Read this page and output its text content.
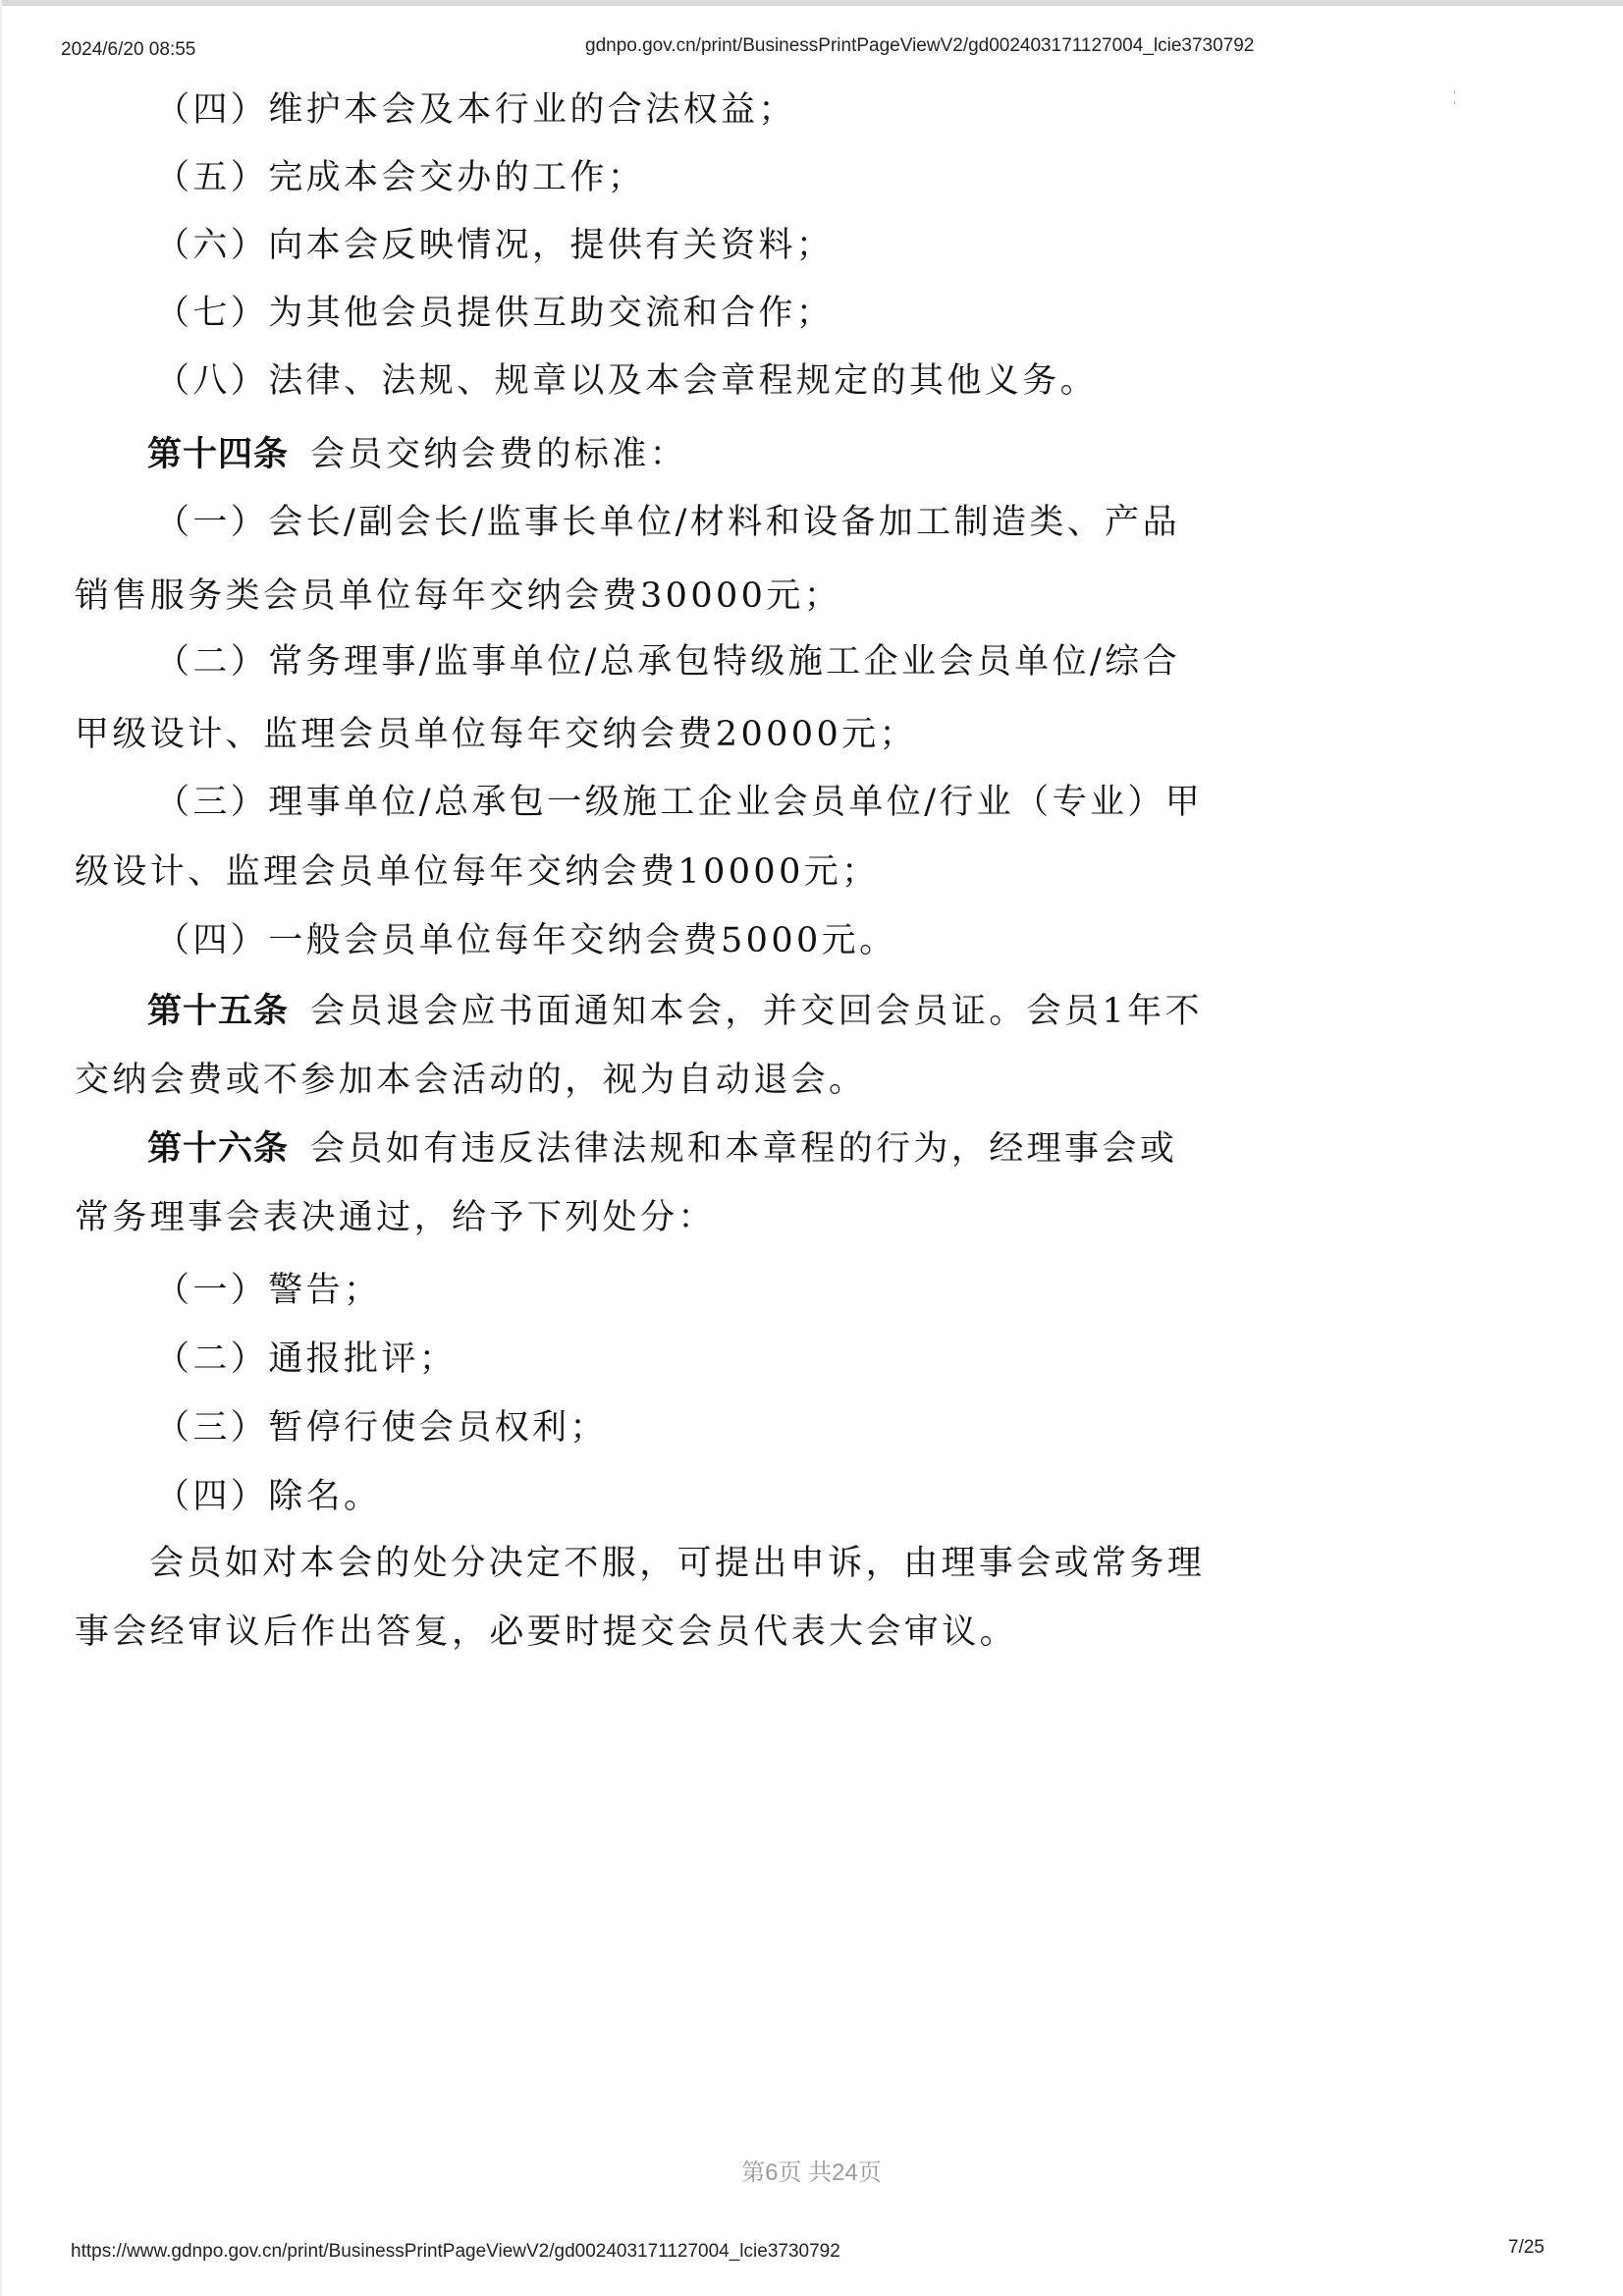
2024/6/20 08:55	gdnpo.gov.cn/print/BusinessPrintPageViewV2/gd002403171127004_lcie3730792
' '
（四）维护本会及本行业的合法权益；
（五）完成本会交办的工作；
（六）向本会反映情况，提供有关资料；
（七）为其他会员提供互助交流和合作；
（八）法律、法规、规章以及本会章程规定的其他义务。
第十四条 会员交纳会费的标准：
（一）会长/副会长/监事长单位/材料和设备加工制造类、产品
销售服务类会员单位每年交纳会费30000元；
（二）常务理事/监事单位/总承包特级施工企业会员单位/综合
甲级设计、监理会员单位每年交纳会费20000元；
（三）理事单位/总承包一级施工企业会员单位/行业（专业）甲
级设计、监理会员单位每年交纳会费10000元；
（四）一般会员单位每年交纳会费5000元。
第十五条 会员退会应书面通知本会，并交回会员证。会员1年不
交纳会费或不参加本会活动的，视为自动退会。
第十六条 会员如有违反法律法规和本章程的行为，经理事会或
常务理事会表决通过，给予下列处分：
（一）警告；
（二）通报批评；
（三）暂停行使会员权利；
（四）除名。
会员如对本会的处分决定不服，可提出申诉，由理事会或常务理
事会经审议后作出答复，必要时提交会员代表大会审议。
第6页 共24页
https://www.gdnpo.gov.cn/print/BusinessPrintPageViewV2/gd002403171127004_lcie3730792	7/25
